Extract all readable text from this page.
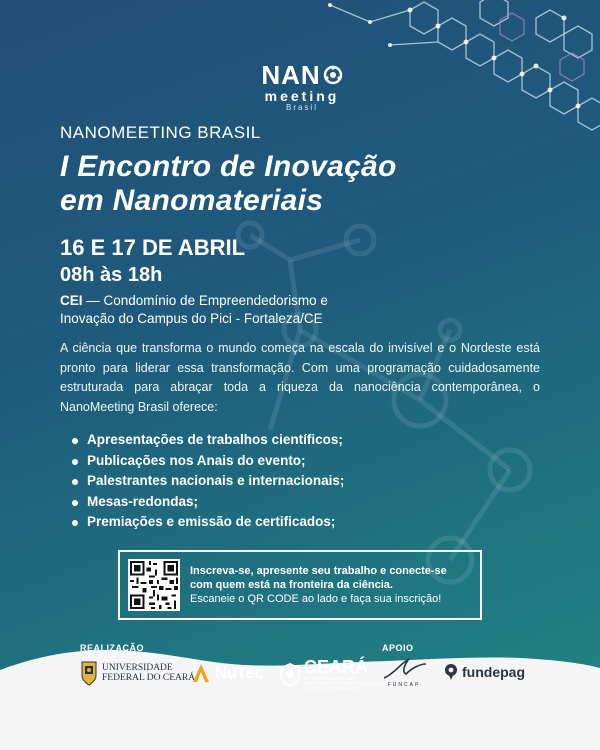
NAN
meeting
Brasil
NANOMEETING BRASIL
I Encontro de Inovação
em Nanomateriais
16 E 17 DE ABRIL
08h às 18h
CEI — Condomínio de Empreendedorismo e
Inovação do Campus do Pici - Fortaleza/CE

A ciência que transforma o mundo começa na escala do invisível e o Nordeste está pronto para liderar essa transformação. Com uma programação cuidadosamente estruturada para abraçar toda a riqueza da nanociência contemporânea, o NanoMeeting Brasil oferece:

Apresentações de trabalhos científicos;
Publicações nos Anais do evento;
Palestrantes nacionais e internacionais;
Mesas-redondas;
Premiações e emissão de certificados;
Inscreva-se, apresente seu trabalho e conecte-se
com quem está na fronteira da ciência.
Escaneie o QR CODE ao lado e faça sua inscrição!
REALIZAÇÃO	APOIO
UNIVERSIDADE
FEDERAL DO CEARÁ NuTec CEARÁ
GOVERNO DO ESTADO
SECRETARIA DA CIÊNCIA, TECNOLOGIA
E EDUCAÇÃO SUPERIOR
FUNCAP
fundepag
